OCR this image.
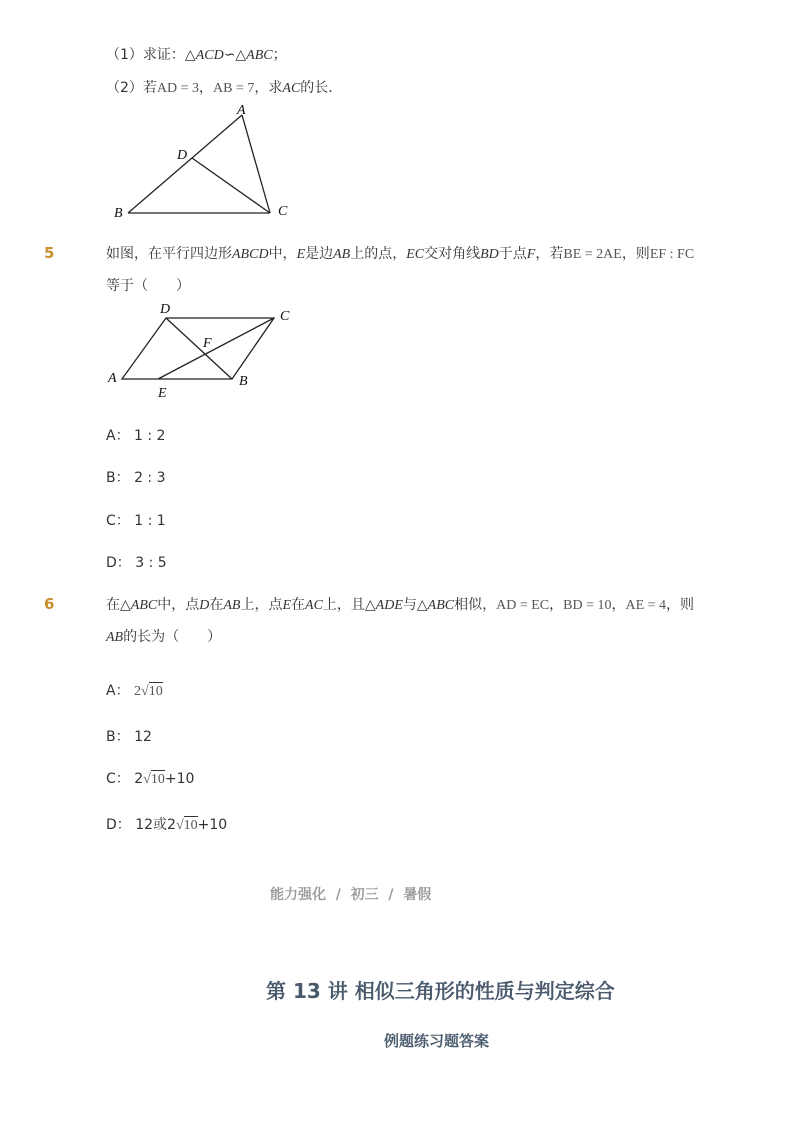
（1）求证：△ACD∽△ABC；
（2）若AD = 3，AB = 7，求AC的长．
A
D
B	C
5	如图，在平行四边形ABCD中，E是边AB上的点，EC交对角线BD于点F，若BE = 2AE，则EF : FC
等于（　　）
D	C
F
A	B
E
A： 1 : 2
B： 2 : 3
C： 1 : 1
D： 3 : 5
6	在△ABC中，点D在AB上，点E在AC上，且△ADE与△ABC相似，AD = EC，BD = 10，AE = 4，则
AB的长为（　　）
A： 2√10
B： 12
C： 2√10+10
D： 12或2√10+10
能力强化 / 初三 / 暑假
第 13 讲 相似三角形的性质与判定综合
例题练习题答案
